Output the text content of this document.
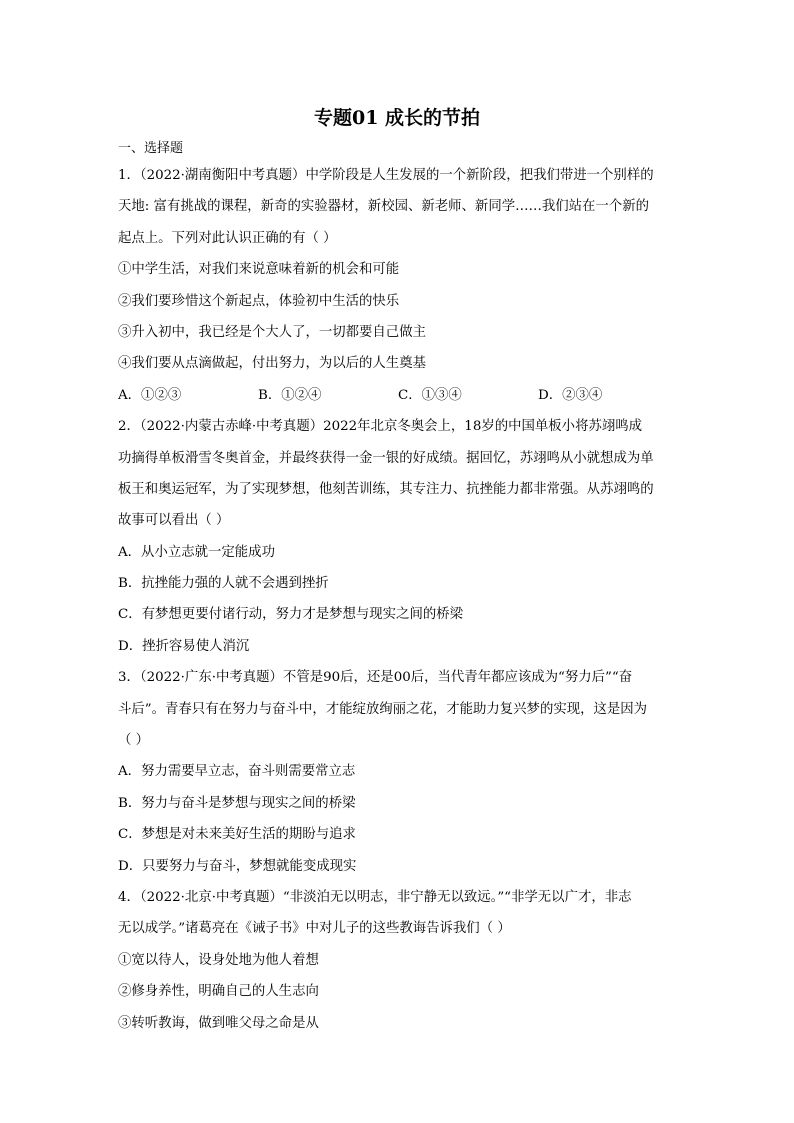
专题01 成长的节拍
一、选择题
1．（2022·湖南衡阳中考真题）中学阶段是人生发展的一个新阶段，把我们带进一个别样的
天地: 富有挑战的课程，新奇的实验器材，新校园、新老师、新同学……我们站在一个新的
起点上。下列对此认识正确的有（ ）
①中学生活，对我们来说意味着新的机会和可能
②我们要珍惜这个新起点，体验初中生活的快乐
③升入初中，我已经是个大人了，一切都要自己做主
④我们要从点滴做起，付出努力，为以后的人生奠基
A．①②③	B．①②④	C．①③④	D．②③④
2．（2022·内蒙古赤峰·中考真题）2022年北京冬奥会上，18岁的中国单板小将苏翊鸣成
功摘得单板滑雪冬奥首金，并最终获得一金一银的好成绩。据回忆，苏翊鸣从小就想成为单
板王和奥运冠军，为了实现梦想，他刻苦训练，其专注力、抗挫能力都非常强。从苏翊鸣的
故事可以看出（ ）
A．从小立志就一定能成功
B．抗挫能力强的人就不会遇到挫折
C．有梦想更要付诸行动，努力才是梦想与现实之间的桥梁
D．挫折容易使人消沉
3．（2022·广东·中考真题）不管是90后，还是00后，当代青年都应该成为“努力后”“奋
斗后”。青春只有在努力与奋斗中，才能绽放绚丽之花，才能助力复兴梦的实现，这是因为
（ ）
A．努力需要早立志，奋斗则需要常立志
B．努力与奋斗是梦想与现实之间的桥梁
C．梦想是对未来美好生活的期盼与追求
D．只要努力与奋斗，梦想就能变成现实
4．（2022·北京·中考真题）“非淡泊无以明志，非宁静无以致远。”“非学无以广才，非志
无以成学。”诸葛亮在《诫子书》中对儿子的这些教诲告诉我们（ ）
①宽以待人，设身处地为他人着想
②修身养性，明确自己的人生志向
③转听教诲，做到唯父母之命是从
